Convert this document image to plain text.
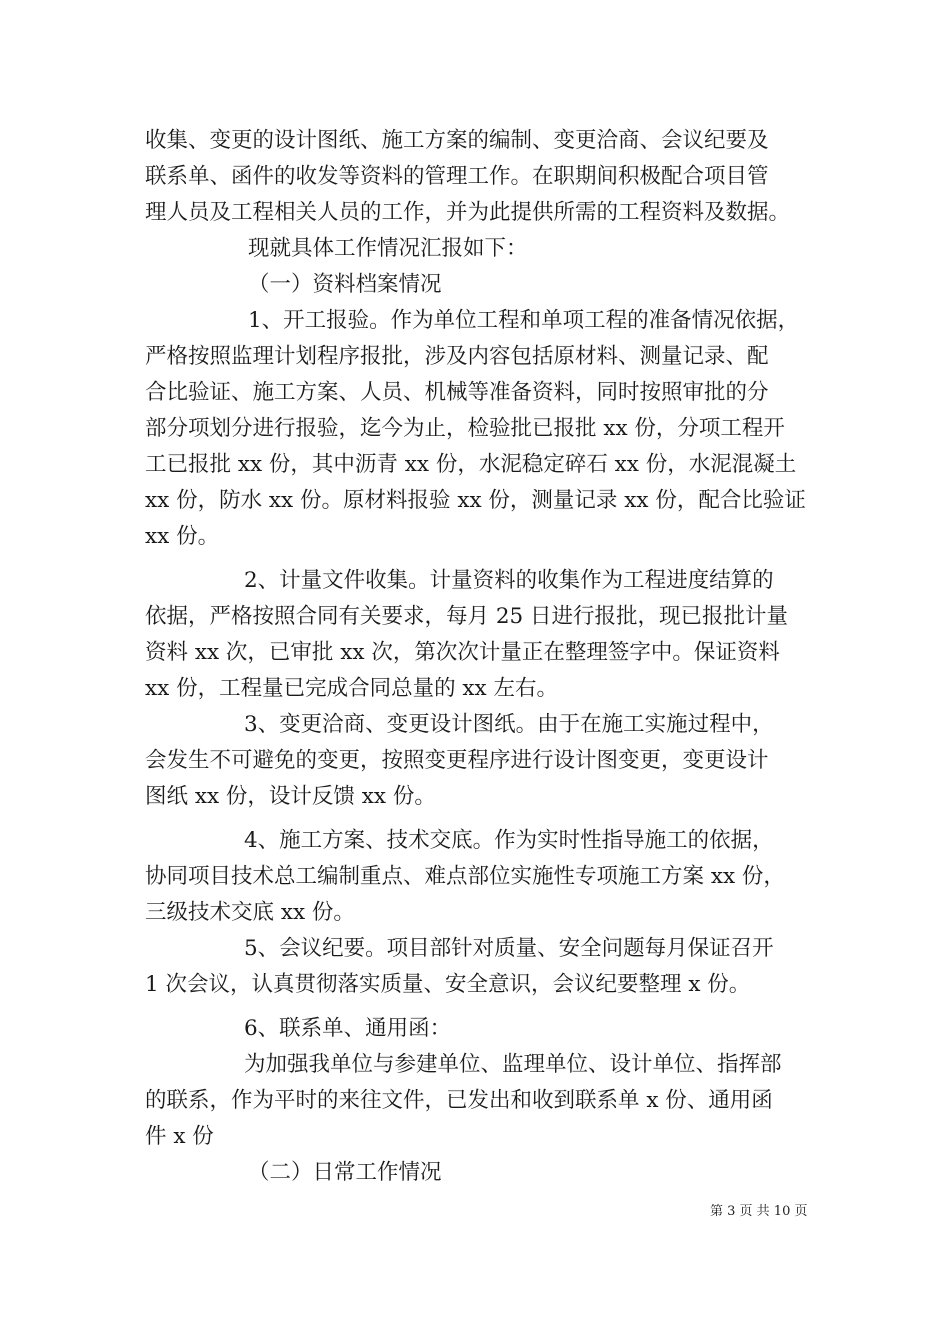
收集、变更的设计图纸、施工方案的编制、变更洽商、会议纪要及
联系单、函件的收发等资料的管理工作。在职期间积极配合项目管
理人员及工程相关人员的工作，并为此提供所需的工程资料及数据。
现就具体工作情况汇报如下：
（一）资料档案情况
1、开工报验。作为单位工程和单项工程的准备情况依据，
严格按照监理计划程序报批，涉及内容包括原材料、测量记录、配
合比验证、施工方案、人员、机械等准备资料，同时按照审批的分
部分项划分进行报验，迄今为止，检验批已报批 xx 份，分项工程开
工已报批 xx 份，其中沥青 xx 份，水泥稳定碎石 xx 份，水泥混凝土
xx 份，防水 xx 份。原材料报验 xx 份，测量记录 xx 份，配合比验证
xx 份。
2、计量文件收集。计量资料的收集作为工程进度结算的
依据，严格按照合同有关要求，每月 25 日进行报批，现已报批计量
资料 xx 次，已审批 xx 次，第次次计量正在整理签字中。保证资料
xx 份，工程量已完成合同总量的 xx 左右。
3、变更洽商、变更设计图纸。由于在施工实施过程中，
会发生不可避免的变更，按照变更程序进行设计图变更，变更设计
图纸 xx 份，设计反馈 xx 份。
4、施工方案、技术交底。作为实时性指导施工的依据，
协同项目技术总工编制重点、难点部位实施性专项施工方案 xx 份，
三级技术交底 xx 份。
5、会议纪要。项目部针对质量、安全问题每月保证召开
1 次会议，认真贯彻落实质量、安全意识，会议纪要整理 x 份。
6、联系单、通用函：
为加强我单位与参建单位、监理单位、设计单位、指挥部
的联系，作为平时的来往文件，已发出和收到联系单 x 份、通用函
件 x 份
（二）日常工作情况
第 3 页 共 10 页
